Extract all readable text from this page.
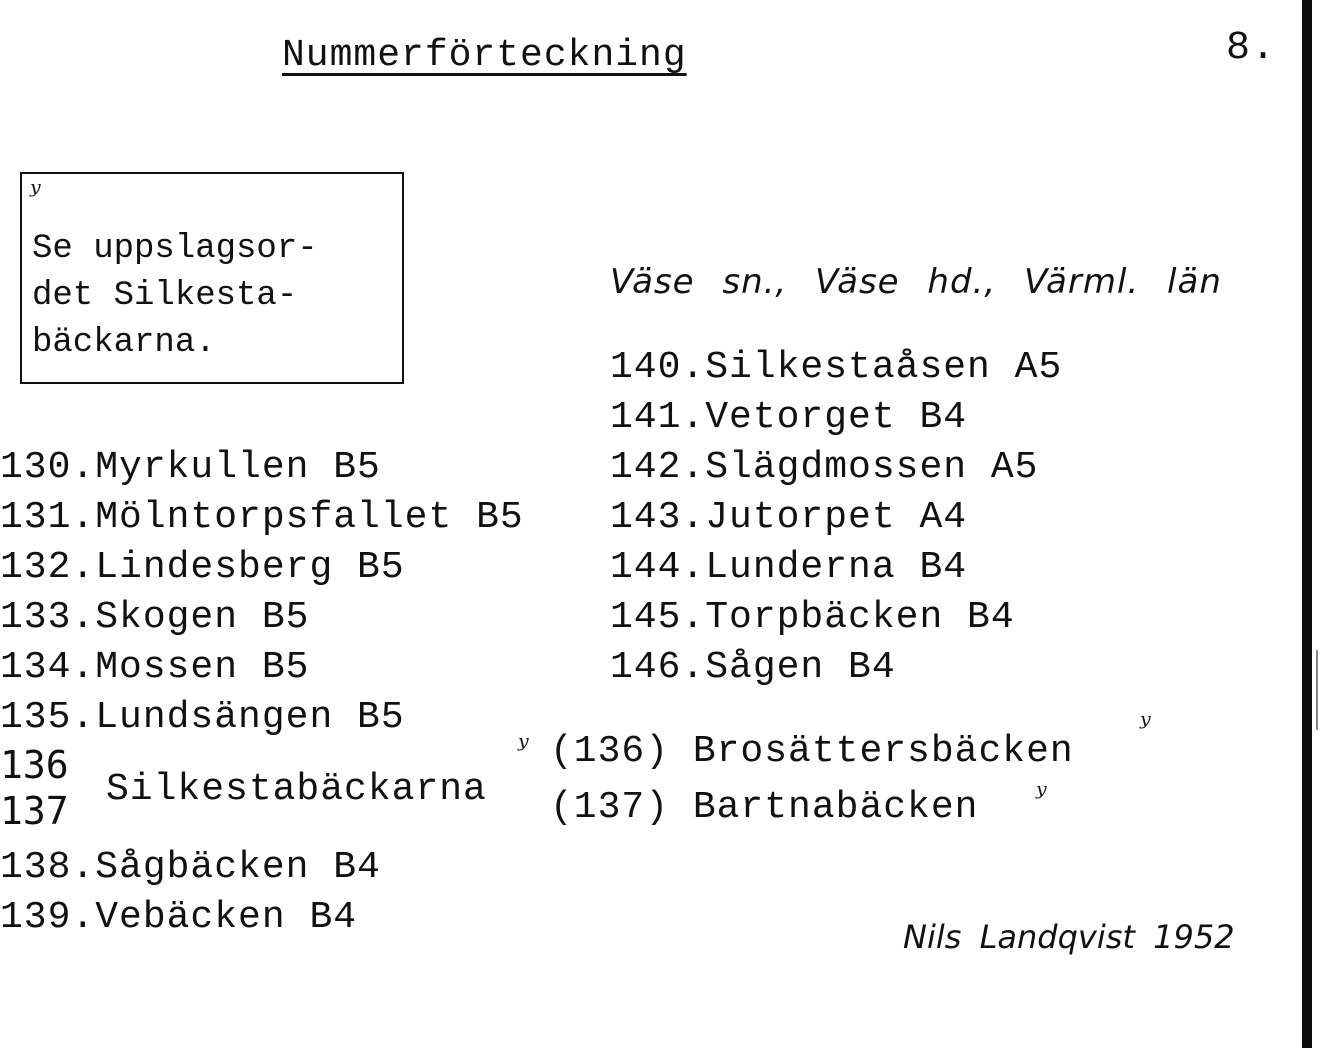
Nummerförteckning	8.
ʸ
Se uppslagsor-
det Silkesta-
bäckarna.
Väse sn., Väse hd., Värml. län
130.Myrkullen B5
131.Mölntorpsfallet B5
132.Lindesberg B5
133.Skogen B5
134.Mossen B5
135.Lundsängen B5
136
137 Silkestabäckarna
ʸ (136) Brosättersbäcken
ʸ
(137) Bartnabäcken ʸ
138.Sågbäcken B4
139.Vebäcken B4
140.Silkestaåsen A5
141.Vetorget B4
142.Slägdmossen A5
143.Jutorpet A4
144.Lunderna B4
145.Torpbäcken B4
146.Sågen B4
Nils Landqvist 1952
